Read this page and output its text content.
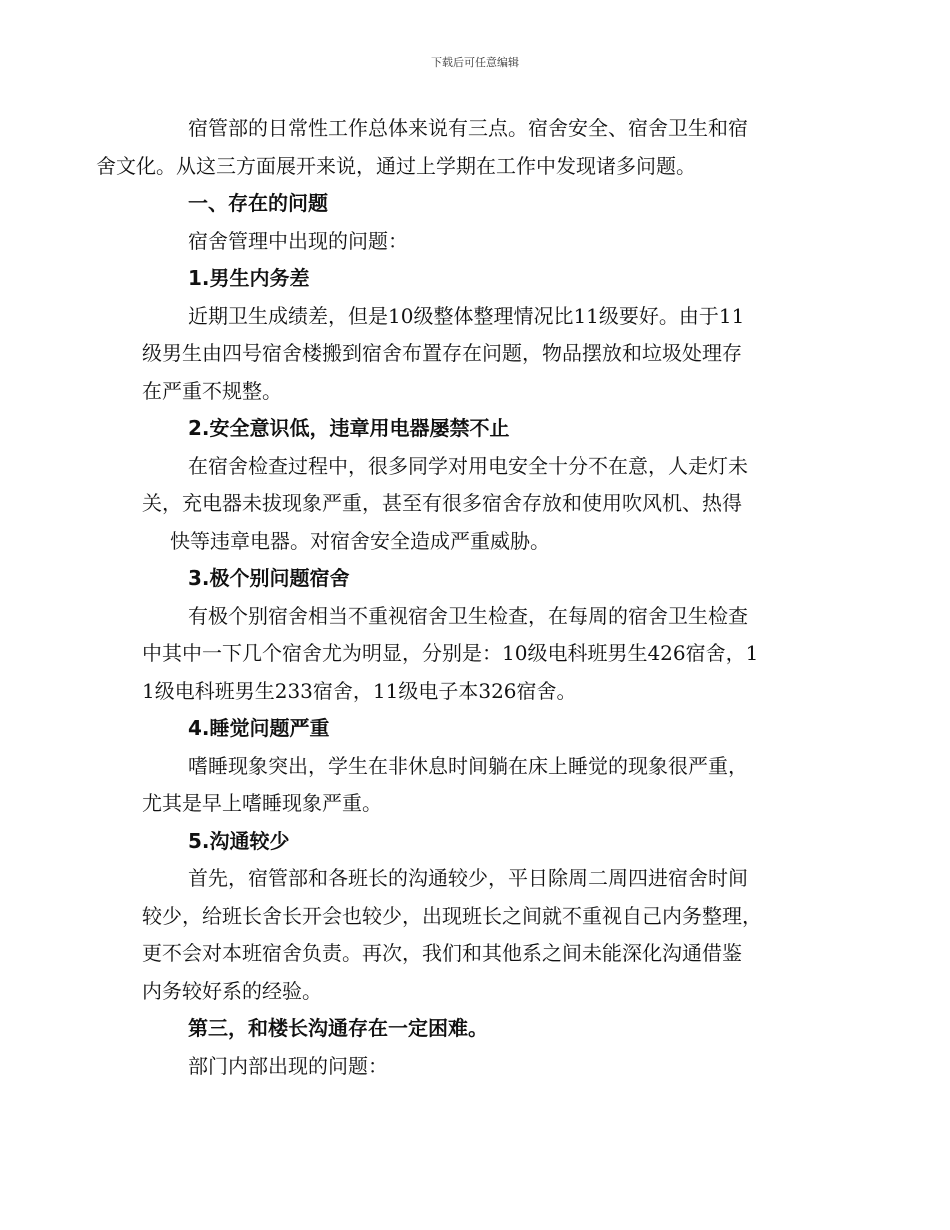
下载后可任意编辑

宿管部的日常性工作总体来说有三点。宿舍安全、宿舍卫生和宿
舍文化。从这三方面展开来说，通过上学期在工作中发现诸多问题。

一、存在的问题

宿舍管理中出现的问题：

1.男生内务差

近期卫生成绩差，但是10级整体整理情况比11级要好。由于11
级男生由四号宿舍楼搬到宿舍布置存在问题，物品摆放和垃圾处理存
在严重不规整。

2.安全意识低，违章用电器屡禁不止

在宿舍检查过程中，很多同学对用电安全十分不在意，人走灯未
关，充电器未拔现象严重，甚至有很多宿舍存放和使用吹风机、热得
快等违章电器。对宿舍安全造成严重威胁。

3.极个别问题宿舍

有极个别宿舍相当不重视宿舍卫生检查，在每周的宿舍卫生检查
中其中一下几个宿舍尤为明显，分别是：10级电科班男生426宿舍，1
1级电科班男生233宿舍，11级电子本326宿舍。

4.睡觉问题严重

嗜睡现象突出，学生在非休息时间躺在床上睡觉的现象很严重，
尤其是早上嗜睡现象严重。

5.沟通较少

首先，宿管部和各班长的沟通较少，平日除周二周四进宿舍时间
较少，给班长舍长开会也较少，出现班长之间就不重视自己内务整理，
更不会对本班宿舍负责。再次，我们和其他系之间未能深化沟通借鉴
内务较好系的经验。

第三，和楼长沟通存在一定困难。

部门内部出现的问题：
